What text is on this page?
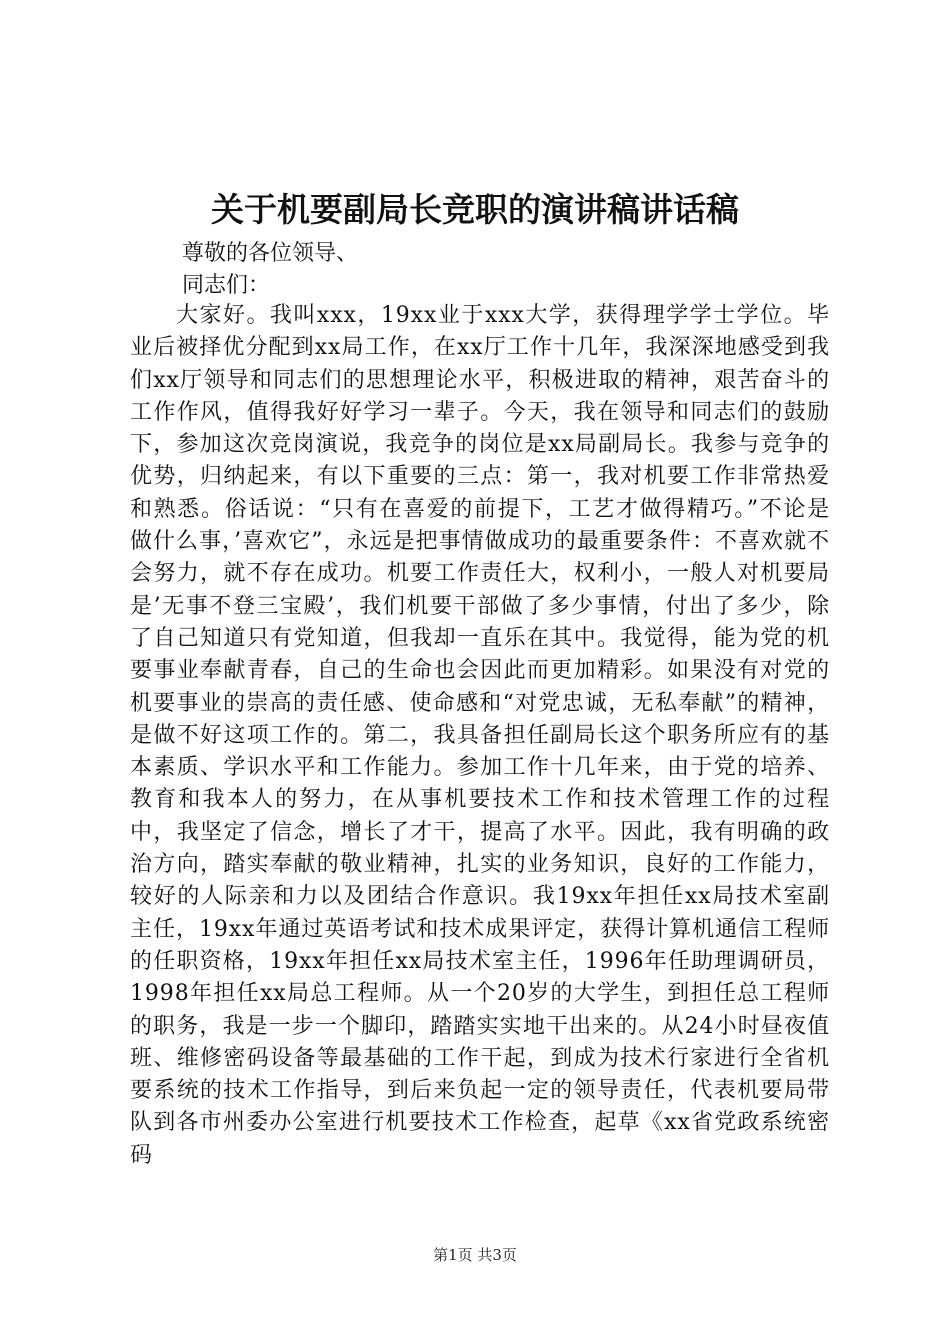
关于机要副局长竞职的演讲稿讲话稿

尊敬的各位领导、

同志们：

大家好。我叫xxx，19xx业于xxx大学，获得理学学士学位。毕业后被择优分配到xx局工作，在xx厅工作十几年，我深深地感受到我们xx厅领导和同志们的思想理论水平，积极进取的精神，艰苦奋斗的工作作风，值得我好好学习一辈子。今天，我在领导和同志们的鼓励下，参加这次竞岗演说，我竞争的岗位是xx局副局长。我参与竞争的优势，归纳起来，有以下重要的三点：第一，我对机要工作非常热爱和熟悉。俗话说：“只有在喜爱的前提下，工艺才做得精巧。”不论是做什么事，’喜欢它”，永远是把事情做成功的最重要条件：不喜欢就不会努力，就不存在成功。机要工作责任大，权利小，一般人对机要局是’无事不登三宝殿’，我们机要干部做了多少事情，付出了多少，除了自己知道只有党知道，但我却一直乐在其中。我觉得，能为党的机要事业奉献青春，自己的生命也会因此而更加精彩。如果没有对党的机要事业的崇高的责任感、使命感和“对党忠诚，无私奉献”的精神，是做不好这项工作的。第二，我具备担任副局长这个职务所应有的基本素质、学识水平和工作能力。参加工作十几年来，由于党的培养、教育和我本人的努力，在从事机要技术工作和技术管理工作的过程中，我坚定了信念，增长了才干，提高了水平。因此，我有明确的政治方向，踏实奉献的敬业精神，扎实的业务知识，良好的工作能力，较好的人际亲和力以及团结合作意识。我19xx年担任xx局技术室副主任，19xx年通过英语考试和技术成果评定，获得计算机通信工程师的任职资格，19xx年担任xx局技术室主任，1996年任助理调研员，1998年担任xx局总工程师。从一个20岁的大学生，到担任总工程师的职务，我是一步一个脚印，踏踏实实地干出来的。从24小时昼夜值班、维修密码设备等最基础的工作干起，到成为技术行家进行全省机要系统的技术工作指导，到后来负起一定的领导责任，代表机要局带队到各市州委办公室进行机要技术工作检查，起草《xx省党政系统密码

第1页 共3页
